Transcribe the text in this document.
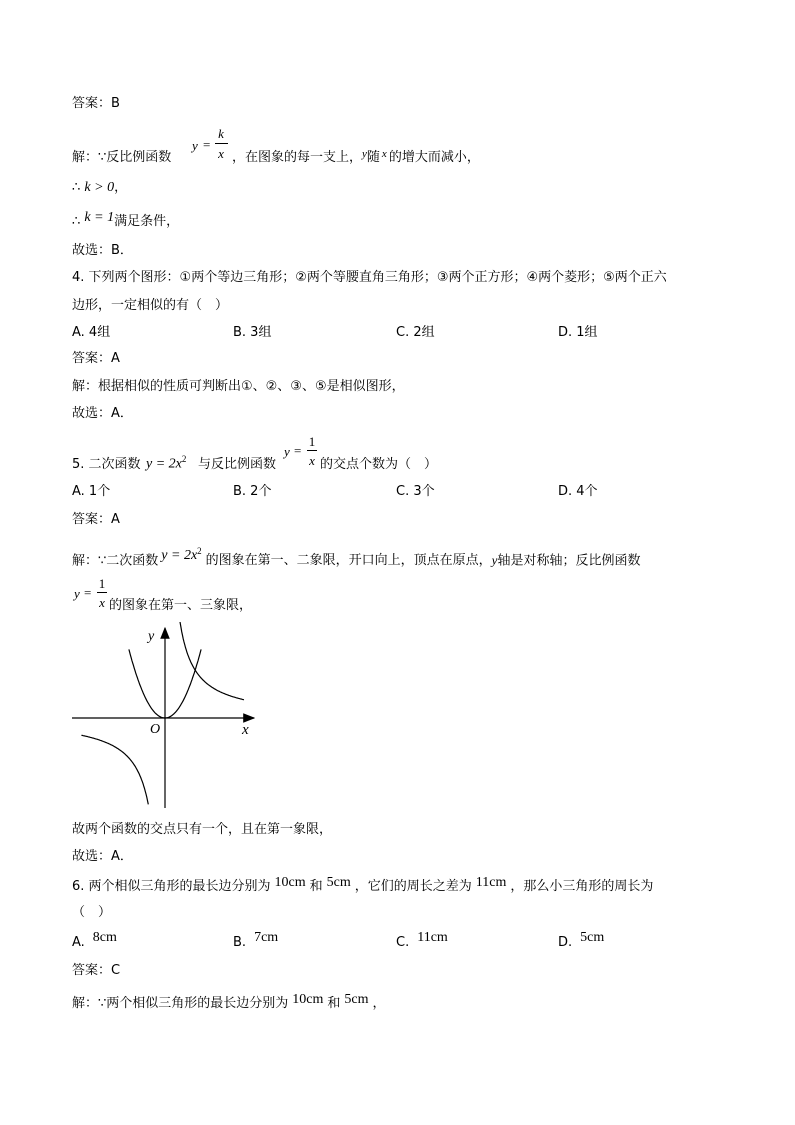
答案：B
解：∵反比例函数
y =
k
x ，在图象的每一支上，$^y$随 $^x$ 的增大而减小，
∴ k > 0，
∴ k = 1满足条件，
故选：B．
4. 下列两个图形：①两个等边三角形；②两个等腰直角三角形；③两个正方形；④两个菱形；⑤两个正六
边形，一定相似的有（　）
A. 4组	B. 3组	C. 2组	D. 1组
答案：A
解：根据相似的性质可判断出①、②、③、⑤是相似图形，
故选：A．
5. 二次函数 $y = 2x^2$ 与反比例函数
y =
1
x 的交点个数为（　）
A. 1个	B. 2个	C. 3个	D. 4个
答案：A
解：∵二次函数 $y = 2x^2$的图象在第一、二象限，开口向上，顶点在原点，y轴是对称轴；反比例函数
y =
1
x 的图象在第一、三象限，
y
x
O
故两个函数的交点只有一个，且在第一象限，
故选：A．
6. 两个相似三角形的最长边分别为 10cm 和 5cm ，它们的周长之差为 11cm ，那么小三角形的周长为
（　）
A. 8cm	B. 7cm	C. 11cm	D. 5cm
答案：C
解：∵两个相似三角形的最长边分别为 10cm 和 5cm ，
